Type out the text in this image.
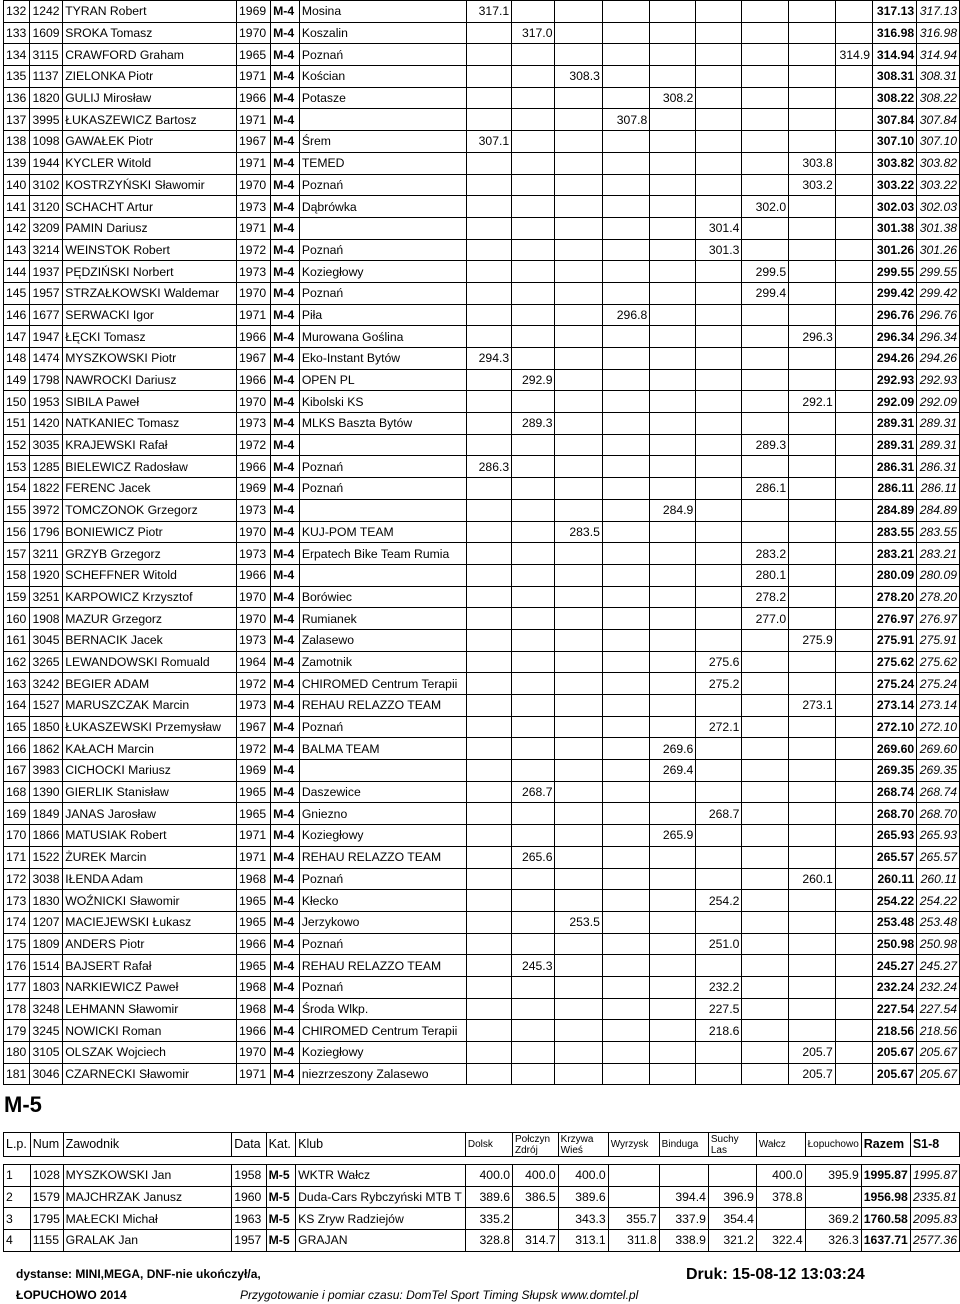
132	1242	TYRAN Robert	1969	M-4	Mosina	317.1									317.13	317.13
133	1609	SROKA Tomasz	1970	M-4	Koszalin		317.0								316.98	316.98
134	3115	CRAWFORD Graham	1965	M-4	Poznań									314.9	314.94	314.94
135	1137	ZIELONKA Piotr	1971	M-4	Kościan			308.3							308.31	308.31
136	1820	GULIJ Mirosław	1966	M-4	Potasze					308.2					308.22	308.22
137	3995	ŁUKASZEWICZ Bartosz	1971	M-4					307.8						307.84	307.84
138	1098	GAWAŁEK Piotr	1967	M-4	Śrem	307.1									307.10	307.10
139	1944	KYCLER Witold	1971	M-4	TEMED								303.8		303.82	303.82
140	3102	KOSTRZYŃSKI Sławomir	1970	M-4	Poznań								303.2		303.22	303.22
141	3120	SCHACHT Artur	1973	M-4	Dąbrówka							302.0			302.03	302.03
142	3209	PAMIN Dariusz	1971	M-4							301.4				301.38	301.38
143	3214	WEINSTOK Robert	1972	M-4	Poznań						301.3				301.26	301.26
144	1937	PĘDZIŃSKI Norbert	1973	M-4	Koziegłowy							299.5			299.55	299.55
145	1957	STRZAŁKOWSKI Waldemar	1970	M-4	Poznań							299.4			299.42	299.42
146	1677	SERWACKI Igor	1971	M-4	Piła				296.8						296.76	296.76
147	1947	ŁĘCKI Tomasz	1966	M-4	Murowana Goślina								296.3		296.34	296.34
148	1474	MYSZKOWSKI Piotr	1967	M-4	Eko-Instant Bytów	294.3									294.26	294.26
149	1798	NAWROCKI Dariusz	1966	M-4	OPEN PL		292.9								292.93	292.93
150	1953	SIBILA Paweł	1970	M-4	Kibolski KS								292.1		292.09	292.09
151	1420	NATKANIEC Tomasz	1973	M-4	MLKS Baszta Bytów		289.3								289.31	289.31
152	3035	KRAJEWSKI Rafał	1972	M-4								289.3			289.31	289.31
153	1285	BIELEWICZ Radosław	1966	M-4	Poznań	286.3									286.31	286.31
154	1822	FERENC Jacek	1969	M-4	Poznań							286.1			286.11	286.11
155	3972	TOMCZONOK Grzegorz	1973	M-4						284.9					284.89	284.89
156	1796	BONIEWICZ Piotr	1970	M-4	KUJ-POM TEAM			283.5							283.55	283.55
157	3211	GRZYB Grzegorz	1973	M-4	Erpatech Bike Team Rumia							283.2			283.21	283.21
158	1920	SCHEFFNER Witold	1966	M-4								280.1			280.09	280.09
159	3251	KARPOWICZ Krzysztof	1970	M-4	Borówiec							278.2			278.20	278.20
160	1908	MAZUR Grzegorz	1970	M-4	Rumianek							277.0			276.97	276.97
161	3045	BERNACIK Jacek	1973	M-4	Zalasewo								275.9		275.91	275.91
162	3265	LEWANDOWSKI Romuald	1964	M-4	Zamotnik						275.6				275.62	275.62
163	3242	BEGIER ADAM	1972	M-4	CHIROMED Centrum Terapii						275.2				275.24	275.24
164	1527	MARUSZCZAK Marcin	1973	M-4	REHAU RELAZZO TEAM								273.1		273.14	273.14
165	1850	ŁUKASZEWSKI Przemysław	1967	M-4	Poznań						272.1				272.10	272.10
166	1862	KAŁACH Marcin	1972	M-4	BALMA TEAM					269.6					269.60	269.60
167	3983	CICHOCKI Mariusz	1969	M-4						269.4					269.35	269.35
168	1390	GIERLIK Stanisław	1965	M-4	Daszewice		268.7								268.74	268.74
169	1849	JANAS Jarosław	1965	M-4	Gniezno						268.7				268.70	268.70
170	1866	MATUSIAK Robert	1971	M-4	Koziegłowy					265.9					265.93	265.93
171	1522	ŻUREK Marcin	1971	M-4	REHAU RELAZZO TEAM		265.6								265.57	265.57
172	3038	IŁENDA Adam	1968	M-4	Poznań								260.1		260.11	260.11
173	1830	WOŹNICKI Sławomir	1965	M-4	Kłecko						254.2				254.22	254.22
174	1207	MACIEJEWSKI Łukasz	1965	M-4	Jerzykowo			253.5							253.48	253.48
175	1809	ANDERS Piotr	1966	M-4	Poznań						251.0				250.98	250.98
176	1514	BAJSERT Rafał	1965	M-4	REHAU RELAZZO TEAM		245.3								245.27	245.27
177	1803	NARKIEWICZ Paweł	1968	M-4	Poznań						232.2				232.24	232.24
178	3248	LEHMANN Sławomir	1968	M-4	Środa Wlkp.						227.5				227.54	227.54
179	3245	NOWICKI Roman	1966	M-4	CHIROMED Centrum Terapii						218.6				218.56	218.56
180	3105	OLSZAK Wojciech	1970	M-4	Koziegłowy								205.7		205.67	205.67
181	3046	CZARNECKI Sławomir	1971	M-4	niezrzeszony Zalasewo								205.7		205.67	205.67
M-5
L.p.	Num	Zawodnik	Data	Kat.	Klub	Dolsk	Połczyn Zdrój	Krzywa Wieś	Wyrzysk	Binduga	Suchy Las	Wałcz	Łopuchowo	Razem	S1-8

1	1028	MYSZKOWSKI Jan	1958	M-5	WKTR Wałcz	400.0	400.0	400.0				400.0	395.9	1995.87	1995.87
2	1579	MAJCHRZAK Janusz	1960	M-5	Duda-Cars Rybczyński MTB T	389.6	386.5	389.6		394.4	396.9	378.8		1956.98	2335.81
3	1795	MAŁECKI Michał	1963	M-5	KS Zryw Radziejów	335.2		343.3	355.7	337.9	354.4		369.2	1760.58	2095.83
4	1155	GRALAK Jan	1957	M-5	GRAJAN	328.8	314.7	313.1	311.8	338.9	321.2	322.4	326.3	1637.71	2577.36
dystanse: MINI,MEGA, DNF-nie ukończył/a,
ŁOPUCHOWO 2014	Przygotowanie i pomiar czasu: DomTel Sport Timing Słupsk www.domtel.pl
Druk: 15-08-12 13:03:24
